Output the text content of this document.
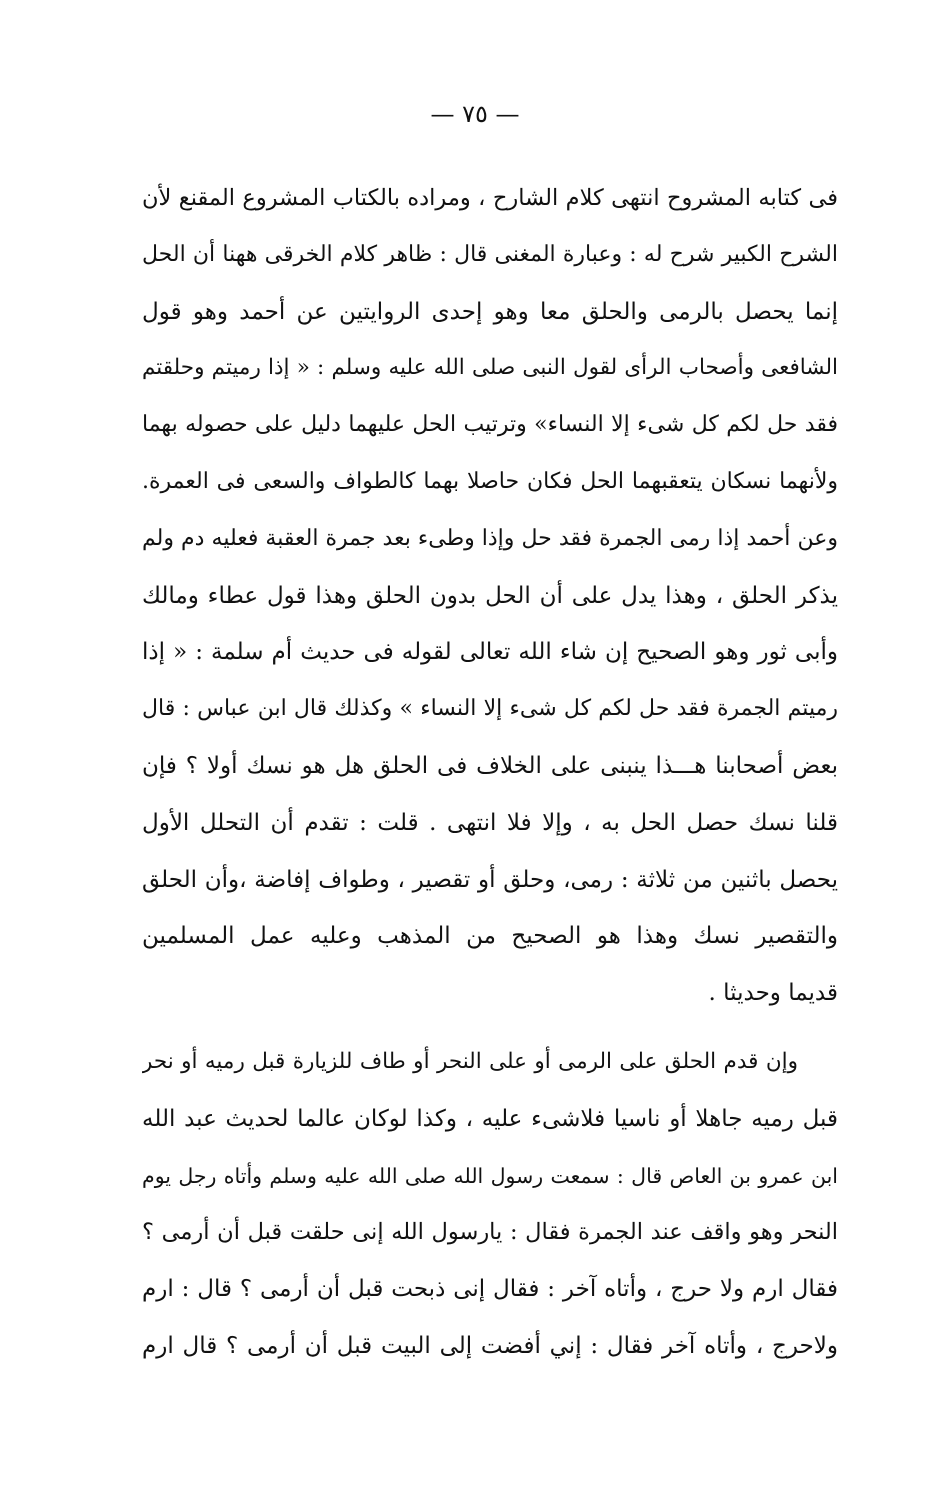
— ٧٥ —
فى كتابه المشروح انتهى كلام الشارح ، ومراده بالكتاب المشروع المقنع لأن
الشرح الكبير شرح له : وعبارة المغنى قال : ظاهر كلام الخرقى ههنا أن الحل
إنما يحصل بالرمى والحلق معا وهو إحدى الروايتين عن أحمد وهو قول
الشافعى وأصحاب الرأى لقول النبى صلى الله عليه وسلم : « إذا رميتم وحلقتم
فقد حل لكم كل شىء إلا النساء» وترتيب الحل عليهما دليل على حصوله بهما
ولأنهما نسكان يتعقبهما الحل فكان حاصلا بهما كالطواف والسعى فى العمرة.
وعن أحمد إذا رمى الجمرة فقد حل وإذا وطىء بعد جمرة العقبة فعليه دم ولم
يذكر الحلق ، وهذا يدل على أن الحل بدون الحلق وهذا قول عطاء ومالك
وأبى ثور وهو الصحيح إن شاء الله تعالى لقوله فى حديث أم سلمة : « إذا
رميتم الجمرة فقد حل لكم كل شىء إلا النساء » وكذلك قال ابن عباس : قال
بعض أصحابنا هـــذا ينبنى على الخلاف فى الحلق هل هو نسك أولا ؟ فإن
قلنا نسك حصل الحل به ، وإلا فلا انتهى . قلت : تقدم أن التحلل الأول
يحصل باثنين من ثلاثة : رمى، وحلق أو تقصير ، وطواف إفاضة ،وأن الحلق
والتقصير نسك وهذا هو الصحيح من المذهب وعليه عمل المسلمين
قديما وحديثا .
وإن قدم الحلق على الرمى أو على النحر أو طاف للزيارة قبل رميه أو نحر
قبل رميه جاهلا أو ناسيا فلاشىء عليه ، وكذا لوكان عالما لحديث عبد الله
ابن عمرو بن العاص قال : سمعت رسول الله صلى الله عليه وسلم وأتاه رجل يوم
النحر وهو واقف عند الجمرة فقال : يارسول الله إنى حلقت قبل أن أرمى ؟
فقال ارم ولا حرج ، وأتاه آخر : فقال إنى ذبحت قبل أن أرمى ؟ قال : ارم
ولاحرج ، وأتاه آخر فقال : إني أفضت إلى البيت قبل أن أرمى ؟ قال ارم
